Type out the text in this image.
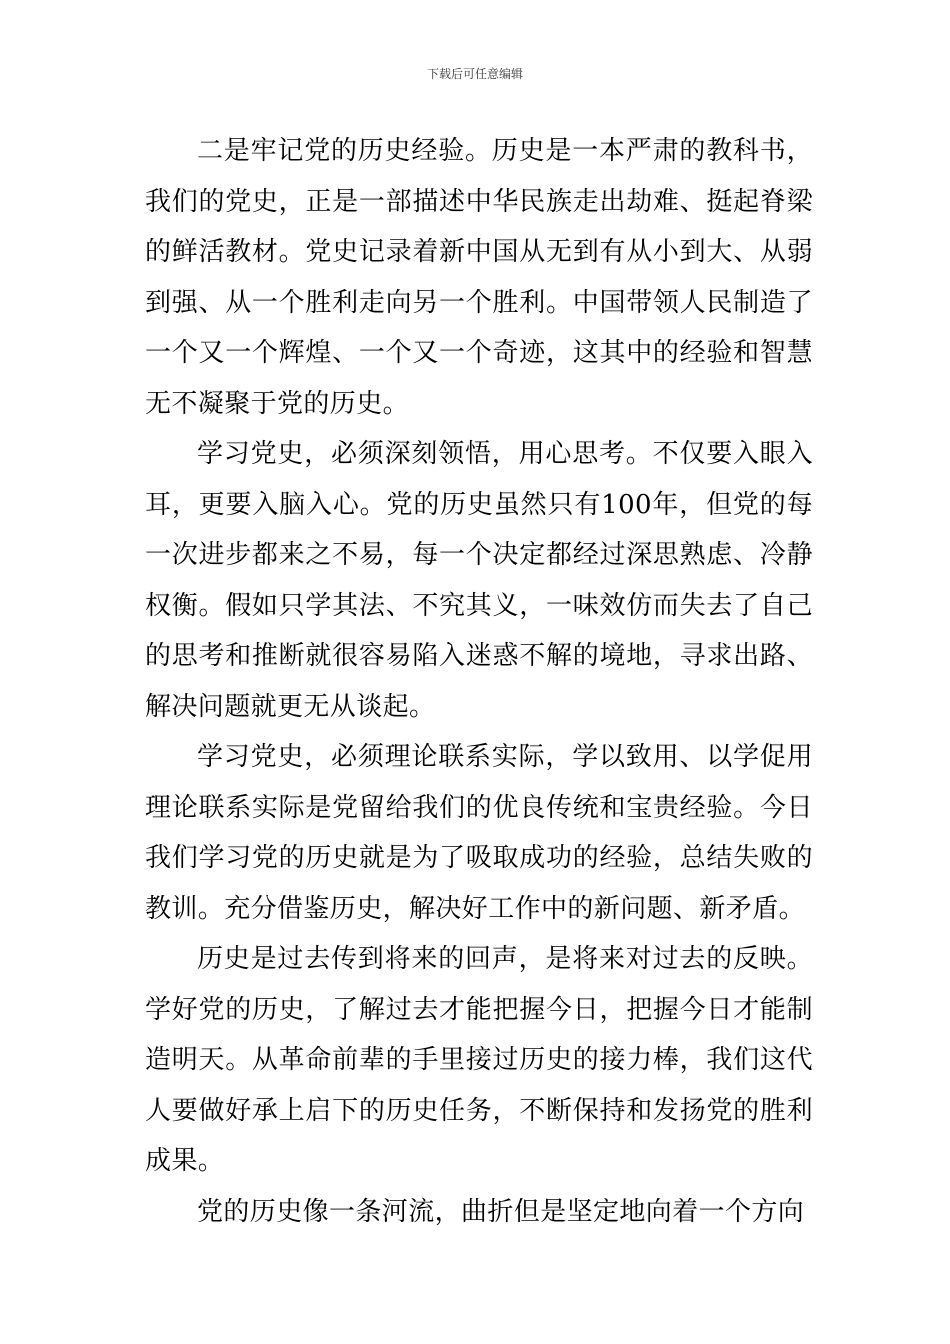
下载后可任意编辑

二是牢记党的历史经验。历史是一本严肃的教科书，我们的党史，正是一部描述中华民族走出劫难、挺起脊梁的鲜活教材。党史记录着新中国从无到有从小到大、从弱到强、从一个胜利走向另一个胜利。中国带领人民制造了一个又一个辉煌、一个又一个奇迹，这其中的经验和智慧无不凝聚于党的历史。

学习党史，必须深刻领悟，用心思考。不仅要入眼入耳，更要入脑入心。党的历史虽然只有100年，但党的每一次进步都来之不易，每一个决定都经过深思熟虑、冷静权衡。假如只学其法、不究其义，一味效仿而失去了自己的思考和推断就很容易陷入迷惑不解的境地，寻求出路、解决问题就更无从谈起。

学习党史，必须理论联系实际，学以致用、以学促用理论联系实际是党留给我们的优良传统和宝贵经验。今日我们学习党的历史就是为了吸取成功的经验，总结失败的教训。充分借鉴历史，解决好工作中的新问题、新矛盾。

历史是过去传到将来的回声，是将来对过去的反映。学好党的历史，了解过去才能把握今日，把握今日才能制造明天。从革命前辈的手里接过历史的接力棒，我们这代人要做好承上启下的历史任务，不断保持和发扬党的胜利成果。

党的历史像一条河流，曲折但是坚定地向着一个方向
